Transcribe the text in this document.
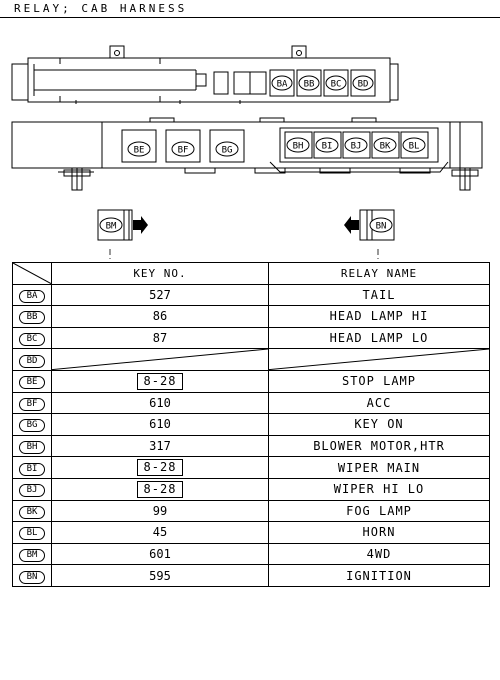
RELAY; CAB HARNESS
BA BB BC BD
BE	BF	BG	BH BI BJ BK BL
BM	BN
	KEY NO.	RELAY NAME
BA	527	TAIL
BB	86	HEAD LAMP HI
BC	87	HEAD LAMP LO
BD	

BE	8-28	STOP LAMP
BF	610	ACC
BG	610	KEY ON
BH	317	BLOWER MOTOR,HTR
BI	8-28	WIPER MAIN
BJ	8-28	WIPER HI LO
BK	99	FOG LAMP
BL	45	HORN
BM	601	4WD
BN	595	IGNITION
